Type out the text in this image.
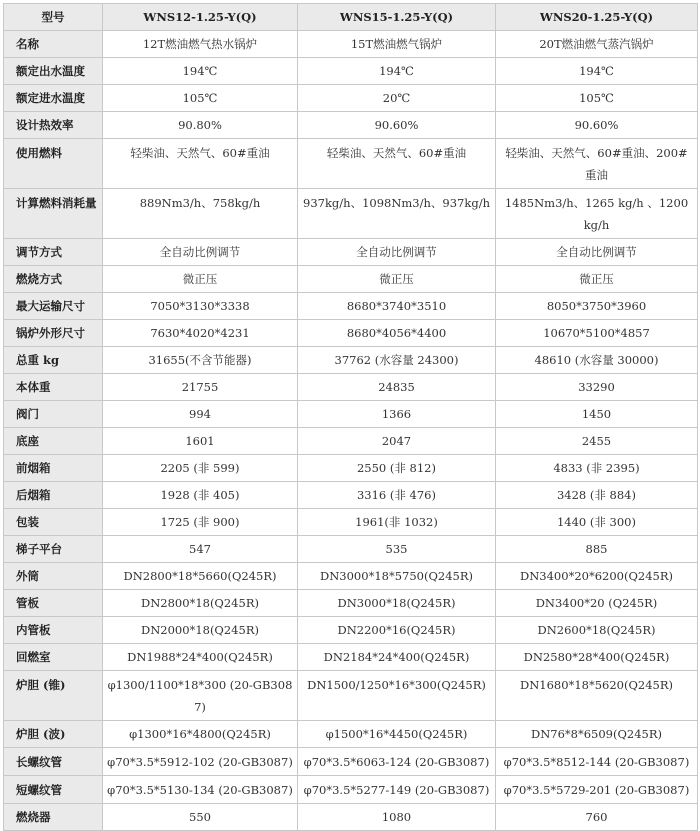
型号	WNS12-1.25-Y(Q)	WNS15-1.25-Y(Q)	WNS20-1.25-Y(Q)
名称	12T燃油燃气热水锅炉	15T燃油燃气锅炉	20T燃油燃气蒸汽锅炉
额定出水温度	194℃	194℃	194℃
额定进水温度	105℃	20℃	105℃
设计热效率	90.80%	90.60%	90.60%
使用燃料	轻柴油、天然气、60#重油	轻柴油、天然气、60#重油	轻柴油、天然气、60#重油、200#重油
计算燃料消耗量	889Nm3/h、758kg/h	937kg/h、1098Nm3/h、937kg/h	1485Nm3/h、1265 kg/h 、1200 kg/h
调节方式	全自动比例调节	全自动比例调节	全自动比例调节
燃烧方式	微正压	微正压	微正压
最大运输尺寸	7050*3130*3338	8680*3740*3510	8050*3750*3960
锅炉外形尺寸	7630*4020*4231	8680*4056*4400	10670*5100*4857
总重 kg	31655(不含节能器)	37762 (水容量 24300)	48610 (水容量 30000)
本体重	21755	24835	33290
阀门	994	1366	1450
底座	1601	2047	2455
前烟箱	2205 (非 599)	2550 (非 812)	4833 (非 2395)
后烟箱	1928 (非 405)	3316 (非 476)	3428 (非 884)
包装	1725 (非 900)	1961(非 1032)	1440 (非 300)
梯子平台	547	535	885
外筒	DN2800*18*5660(Q245R)	DN3000*18*5750(Q245R)	DN3400*20*6200(Q245R)
管板	DN2800*18(Q245R)	DN3000*18(Q245R)	DN3400*20 (Q245R)
内管板	DN2000*18(Q245R)	DN2200*16(Q245R)	DN2600*18(Q245R)
回燃室	DN1988*24*400(Q245R)	DN2184*24*400(Q245R)	DN2580*28*400(Q245R)
炉胆 (锥)	φ1300/1100*18*300 (20-GB3087)	DN1500/1250*16*300(Q245R)	DN1680*18*5620(Q245R)
炉胆 (波)	φ1300*16*4800(Q245R)	φ1500*16*4450(Q245R)	DN76*8*6509(Q245R)
长螺纹管	φ70*3.5*5912-102 (20-GB3087)	φ70*3.5*6063-124 (20-GB3087)	φ70*3.5*8512-144 (20-GB3087)
短螺纹管	φ70*3.5*5130-134 (20-GB3087)	φ70*3.5*5277-149 (20-GB3087)	φ70*3.5*5729-201 (20-GB3087)
燃烧器	550	1080	760
